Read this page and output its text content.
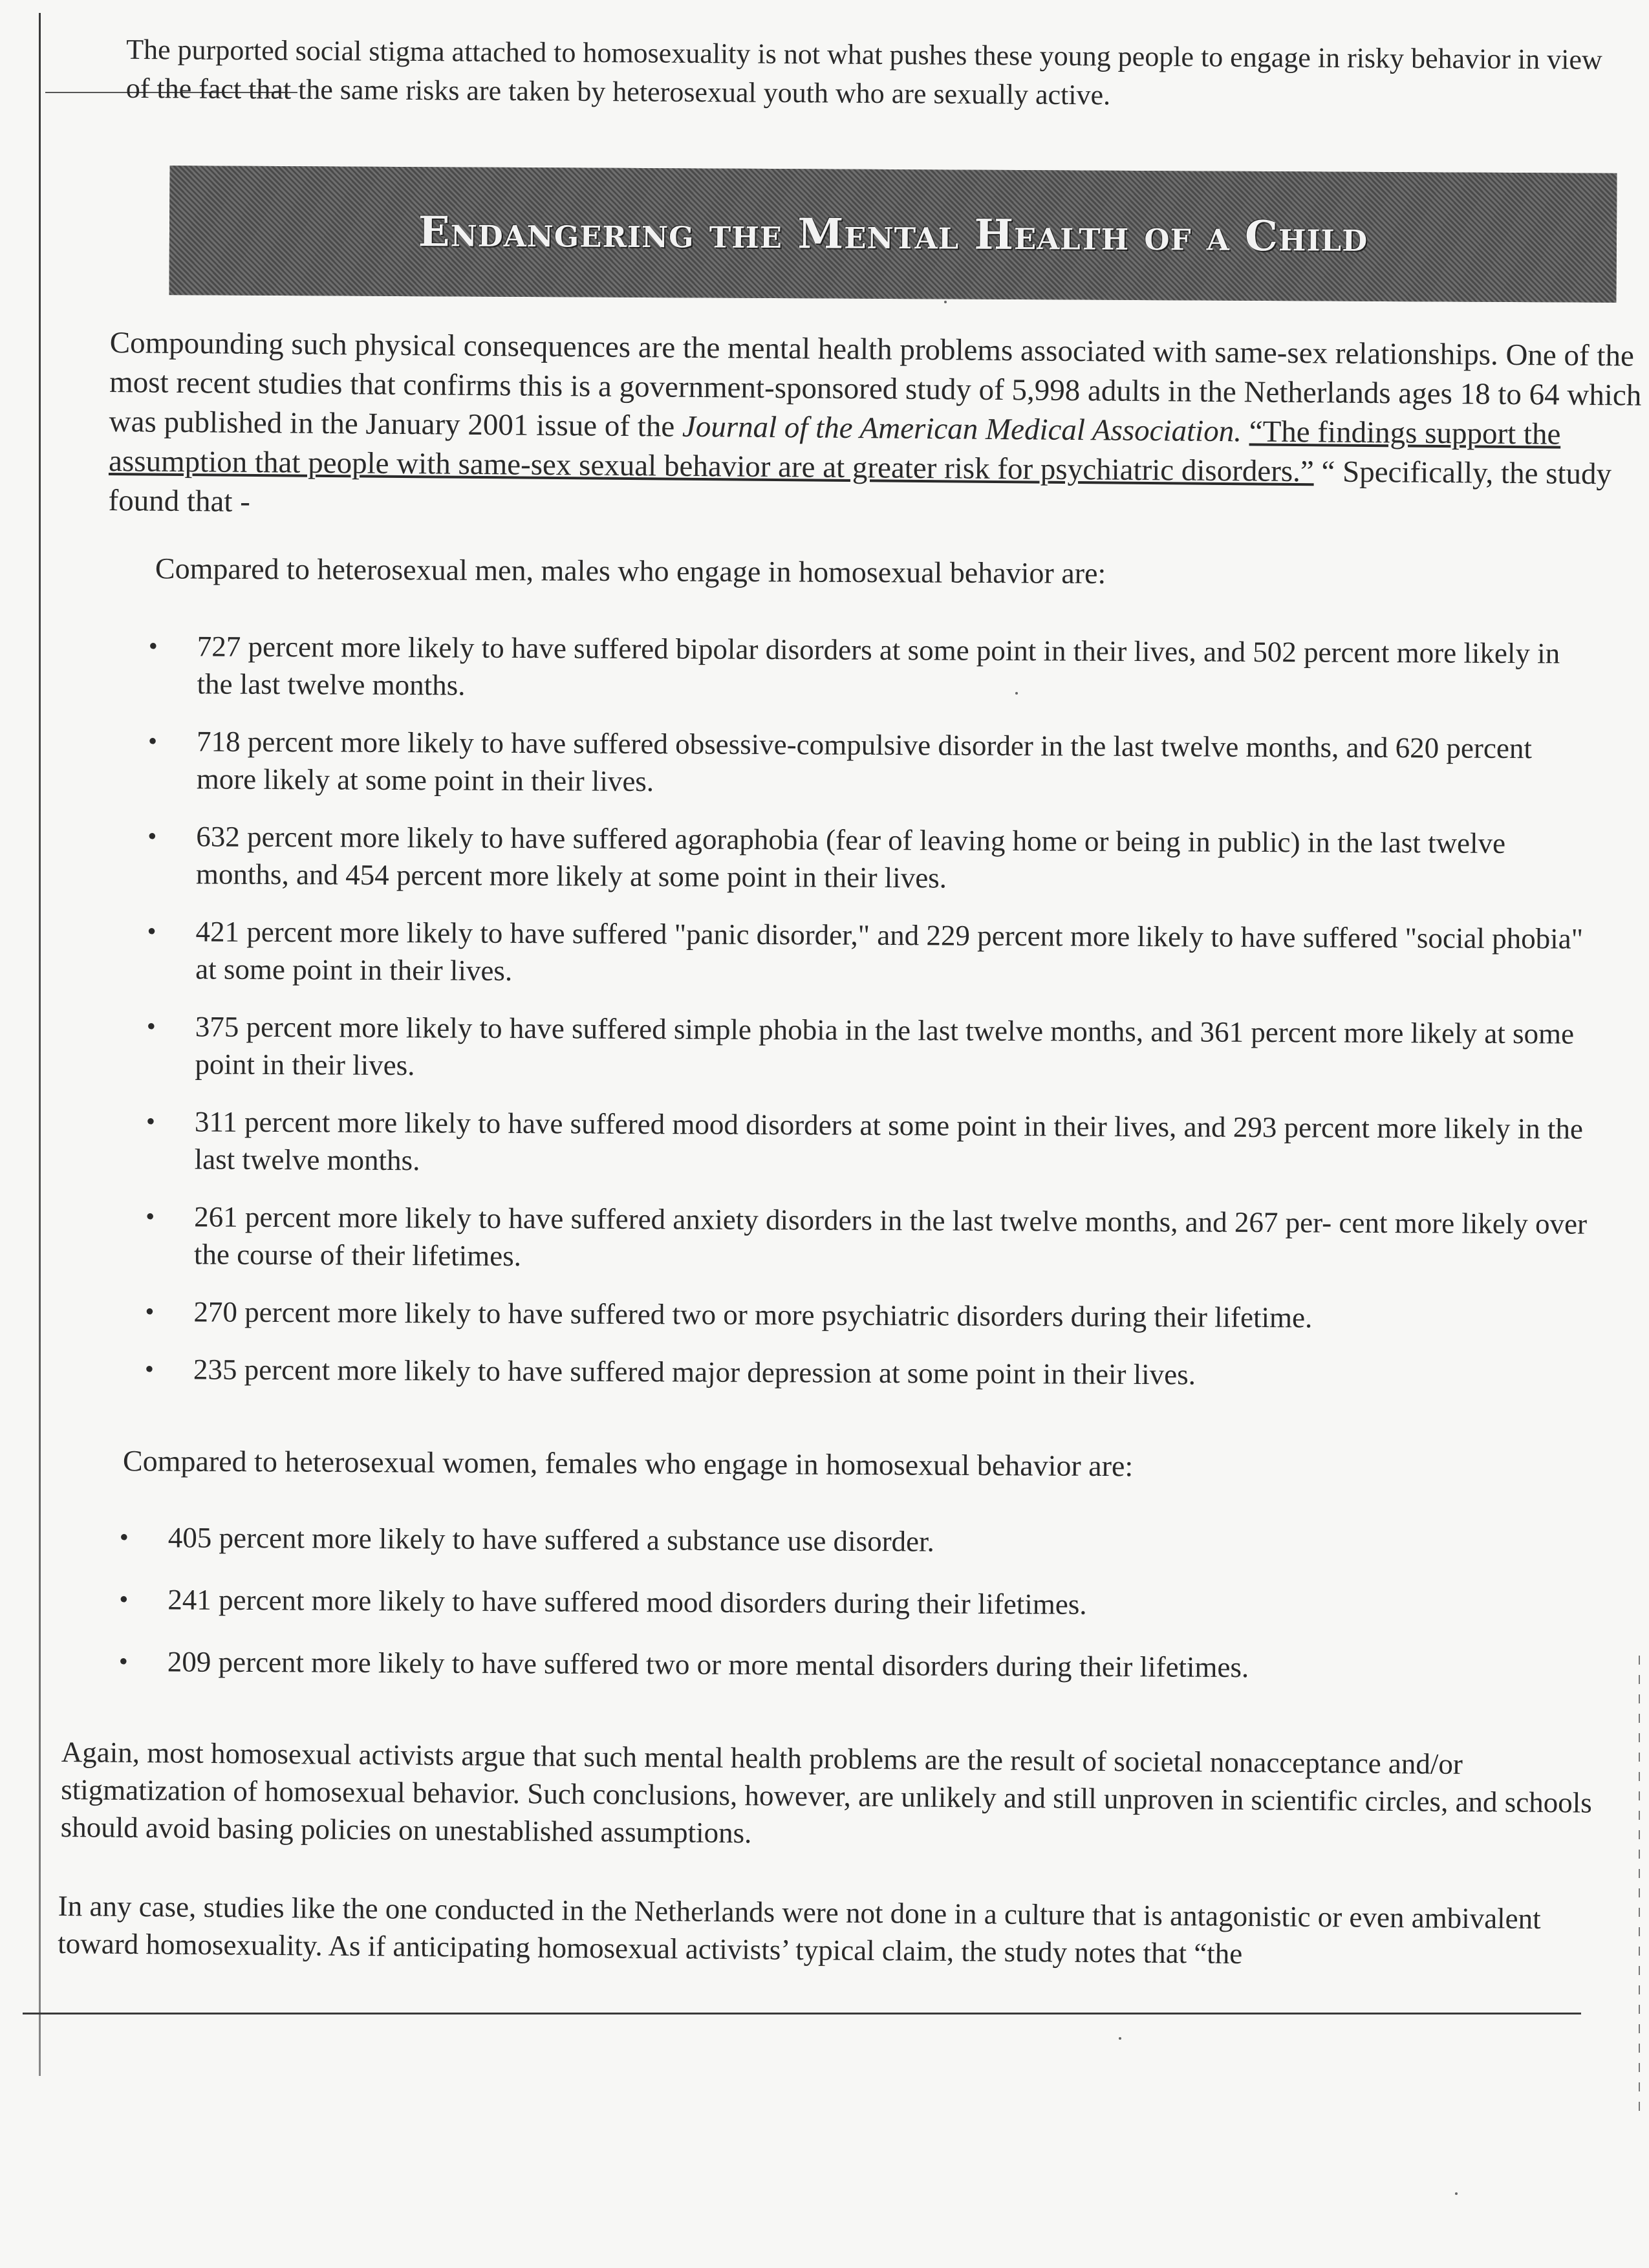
The purported social stigma attached to homosexuality is not what pushes these young people to engage in risky behavior in view of the fact that the same risks are taken by heterosexual youth who are sexually active.
Endangering the Mental Health of a Child
Compounding such physical consequences are the mental health problems associated with same-sex relationships. One of the most recent studies that confirms this is a government-sponsored study of 5,998 adults in the Netherlands ages 18 to 64 which was published in the January 2001 issue of the Journal of the American Medical Association. “The findings support the assumption that people with same-sex sexual behavior are at greater risk for psychiatric disorders.” “ Specifically, the study found that -
Compared to heterosexual men, males who engage in homosexual behavior are:
• 727 percent more likely to have suffered bipolar disorders at some point in their lives, and 502 percent more likely in the last twelve months.
• 718 percent more likely to have suffered obsessive-compulsive disorder in the last twelve months, and 620 percent more likely at some point in their lives.
• 632 percent more likely to have suffered agoraphobia (fear of leaving home or being in public) in the last twelve months, and 454 percent more likely at some point in their lives.
• 421 percent more likely to have suffered "panic disorder," and 229 percent more likely to have suffered "social phobia" at some point in their lives.
• 375 percent more likely to have suffered simple phobia in the last twelve months, and 361 percent more likely at some point in their lives.
• 311 percent more likely to have suffered mood disorders at some point in their lives, and 293 percent more likely in the last twelve months.
• 261 percent more likely to have suffered anxiety disorders in the last twelve months, and 267 per- cent more likely over the course of their lifetimes.
• 270 percent more likely to have suffered two or more psychiatric disorders during their lifetime.
• 235 percent more likely to have suffered major depression at some point in their lives.
Compared to heterosexual women, females who engage in homosexual behavior are:
• 405 percent more likely to have suffered a substance use disorder.
• 241 percent more likely to have suffered mood disorders during their lifetimes.
• 209 percent more likely to have suffered two or more mental disorders during their lifetimes.
Again, most homosexual activists argue that such mental health problems are the result of societal nonacceptance and/or stigmatization of homosexual behavior. Such conclusions, however, are unlikely and still unproven in scientific circles, and schools should avoid basing policies on unestablished assumptions.
In any case, studies like the one conducted in the Netherlands were not done in a culture that is antagonistic or even ambivalent toward homosexuality. As if anticipating homosexual activists’ typical claim, the study notes that “the
